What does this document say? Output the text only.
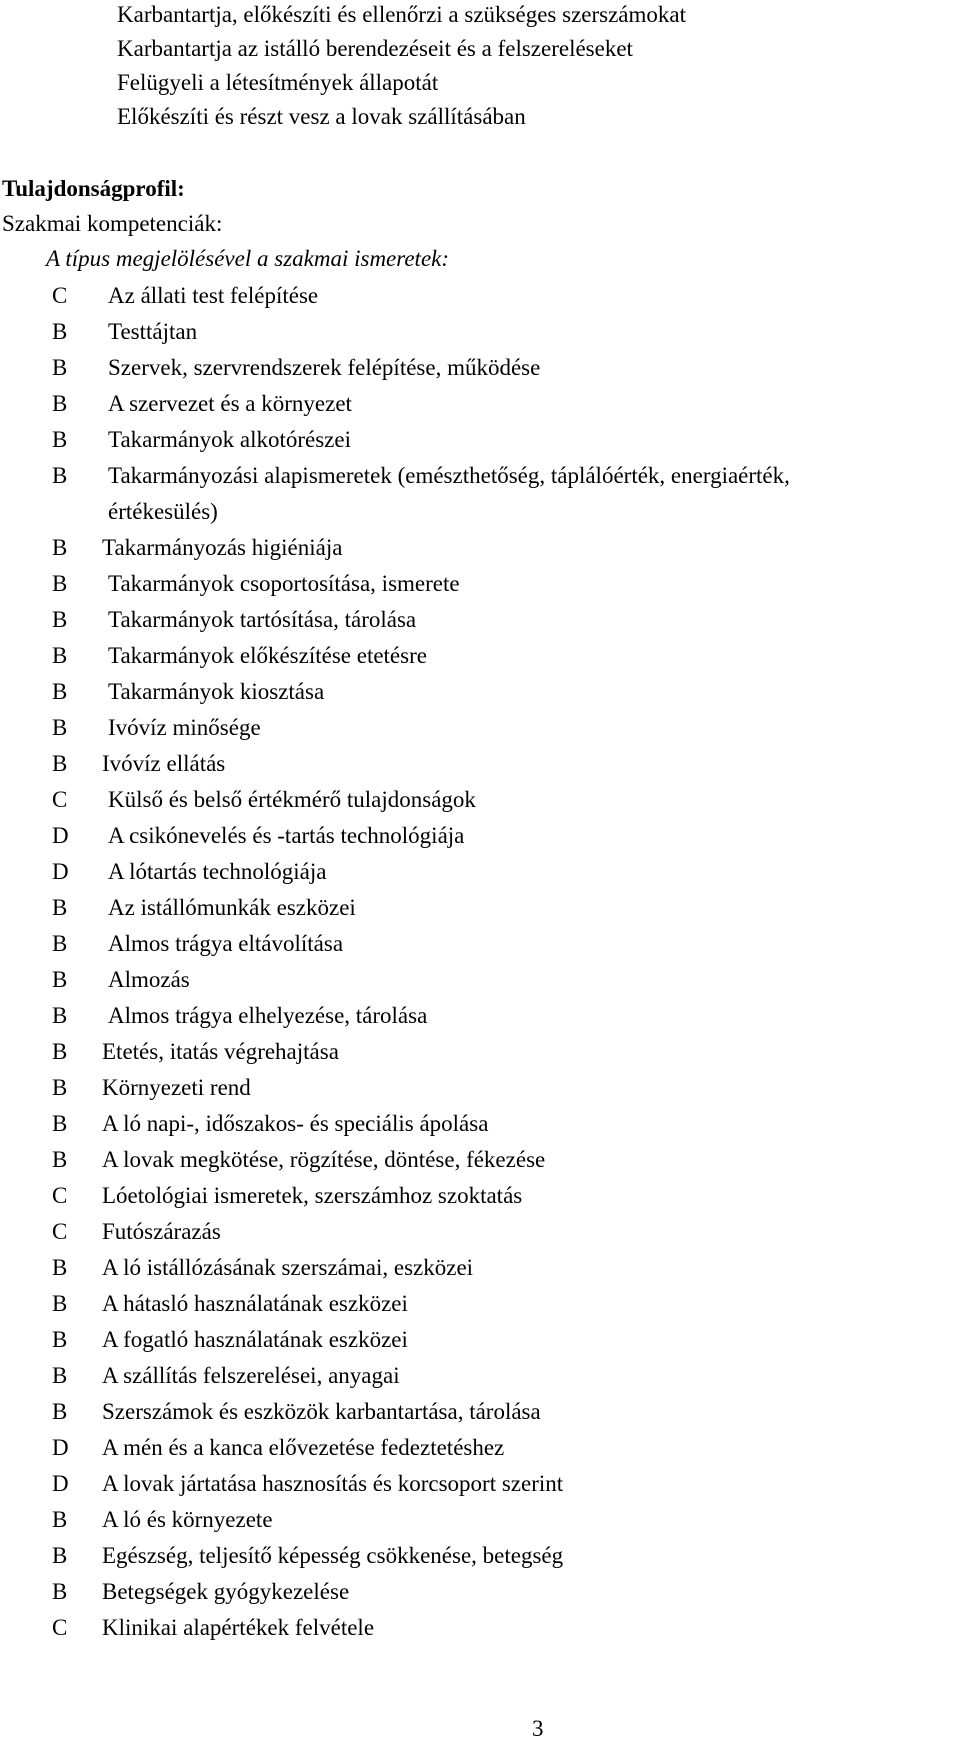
Karbantartja, előkészíti és ellenőrzi a szükséges szerszámokat
Karbantartja az istálló berendezéseit és a felszereléseket
Felügyeli a létesítmények állapotát
Előkészíti és részt vesz a lovak szállításában
Tulajdonságprofil:
Szakmai kompetenciák:
A típus megjelölésével a szakmai ismeretek:
C Az állati test felépítése
B Testtájtan
B Szervek, szervrendszerek felépítése, működése
B A szervezet és a környezet
B Takarmányok alkotórészei
B Takarmányozási alapismeretek (emészthetőség, táplálóérték, energiaérték,
értékesülés)
B Takarmányozás higiéniája
B Takarmányok csoportosítása, ismerete
B Takarmányok tartósítása, tárolása
B Takarmányok előkészítése etetésre
B Takarmányok kiosztása
B Ivóvíz minősége
B Ivóvíz ellátás
C Külső és belső értékmérő tulajdonságok
D A csikónevelés és -tartás technológiája
D A lótartás technológiája
B Az istállómunkák eszközei
B Almos trágya eltávolítása
B Almozás
B Almos trágya elhelyezése, tárolása
B Etetés, itatás végrehajtása
B Környezeti rend
B A ló napi-, időszakos- és speciális ápolása
B A lovak megkötése, rögzítése, döntése, fékezése
C Lóetológiai ismeretek, szerszámhoz szoktatás
C Futószárazás
B A ló istállózásának szerszámai, eszközei
B A hátasló használatának eszközei
B A fogatló használatának eszközei
B A szállítás felszerelései, anyagai
B Szerszámok és eszközök karbantartása, tárolása
D A mén és a kanca elővezetése fedeztetéshez
D A lovak jártatása hasznosítás és korcsoport szerint
B A ló és környezete
B Egészség, teljesítő képesség csökkenése, betegség
B Betegségek gyógykezelése
C Klinikai alapértékek felvétele
3
